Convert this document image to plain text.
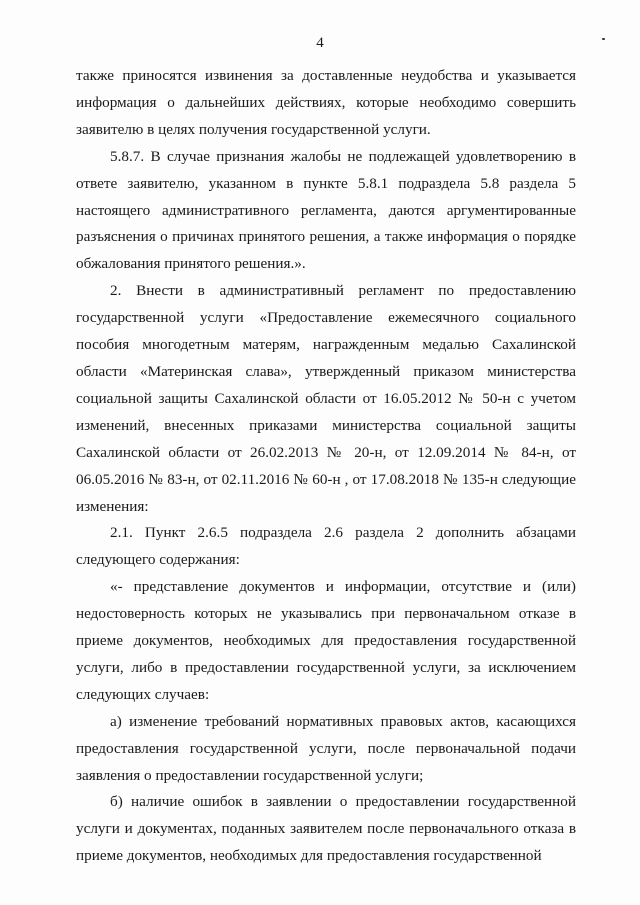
4

также приносятся извинения за доставленные неудобства и указывается информация о дальнейших действиях, которые необходимо совершить заявителю в целях получения государственной услуги.

5.8.7. В случае признания жалобы не подлежащей удовлетворению в ответе заявителю, указанном в пункте 5.8.1 подраздела 5.8 раздела 5 настоящего административного регламента, даются аргументированные разъяснения о причинах принятого решения, а также информация о порядке обжалования принятого решения.».

2. Внести в административный регламент по предоставлению государственной услуги «Предоставление ежемесячного социального пособия многодетным матерям, награжденным медалью Сахалинской области «Материнская слава», утвержденный приказом министерства социальной защиты Сахалинской области от 16.05.2012 № 50-н с учетом изменений, внесенных приказами министерства социальной защиты Сахалинской области от 26.02.2013 № 20-н, от 12.09.2014 № 84-н, от 06.05.2016 № 83-н, от 02.11.2016 № 60-н , от 17.08.2018 № 135-н следующие изменения:

2.1. Пункт 2.6.5 подраздела 2.6 раздела 2 дополнить абзацами следующего содержания:

«- представление документов и информации, отсутствие и (или) недостоверность которых не указывались при первоначальном отказе в приеме документов, необходимых для предоставления государственной услуги, либо в предоставлении государственной услуги, за исключением следующих случаев:

а) изменение требований нормативных правовых актов, касающихся предоставления государственной услуги, после первоначальной подачи заявления о предоставлении государственной услуги;

б) наличие ошибок в заявлении о предоставлении государственной услуги и документах, поданных заявителем после первоначального отказа в приеме документов, необходимых для предоставления государственной
